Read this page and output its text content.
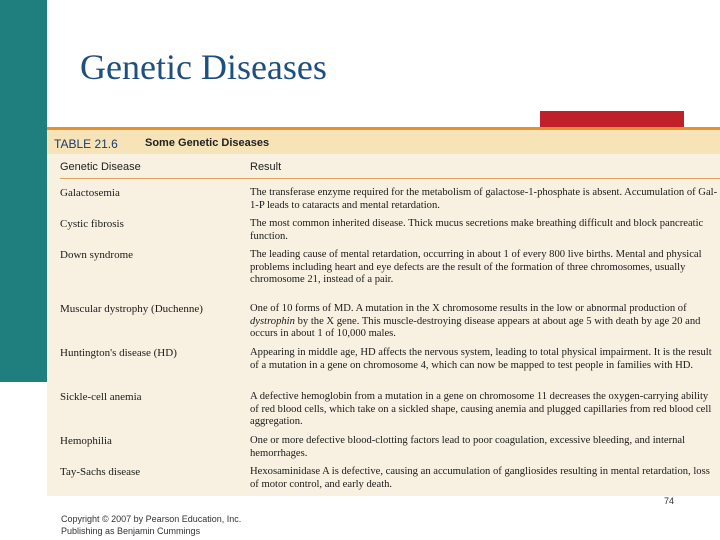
Genetic Diseases
TABLE 21.6 Some Genetic Diseases
Genetic Disease	Result
Galactosemia	The transferase enzyme required for the metabolism of galactose-1-phosphate is absent. Accumulation of Gal-1-P leads to cataracts and mental retardation.
Cystic fibrosis	The most common inherited disease. Thick mucus secretions make breathing difficult and block pancreatic function.
Down syndrome	The leading cause of mental retardation, occurring in about 1 of every 800 live births. Mental and physical problems including heart and eye defects are the result of the formation of three chromosomes, usually chromosome 21, instead of a pair.
Muscular dystrophy (Duchenne)	One of 10 forms of MD. A mutation in the X chromosome results in the low or abnormal production of dystrophin by the X gene. This muscle-destroying disease appears at about age 5 with death by age 20 and occurs in about 1 of 10,000 males.
Huntington's disease (HD)	Appearing in middle age, HD affects the nervous system, leading to total physical impairment. It is the result of a mutation in a gene on chromosome 4, which can now be mapped to test people in families with HD.
Sickle-cell anemia	A defective hemoglobin from a mutation in a gene on chromosome 11 decreases the oxygen-carrying ability of red blood cells, which take on a sickled shape, causing anemia and plugged capillaries from red blood cell aggregation.
Hemophilia	One or more defective blood-clotting factors lead to poor coagulation, excessive bleeding, and internal hemorrhages.
Tay-Sachs disease	Hexosaminidase A is defective, causing an accumulation of gangliosides resulting in mental retardation, loss of motor control, and early death.
74
Copyright © 2007 by Pearson Education, Inc.
Publishing as Benjamin Cummings
